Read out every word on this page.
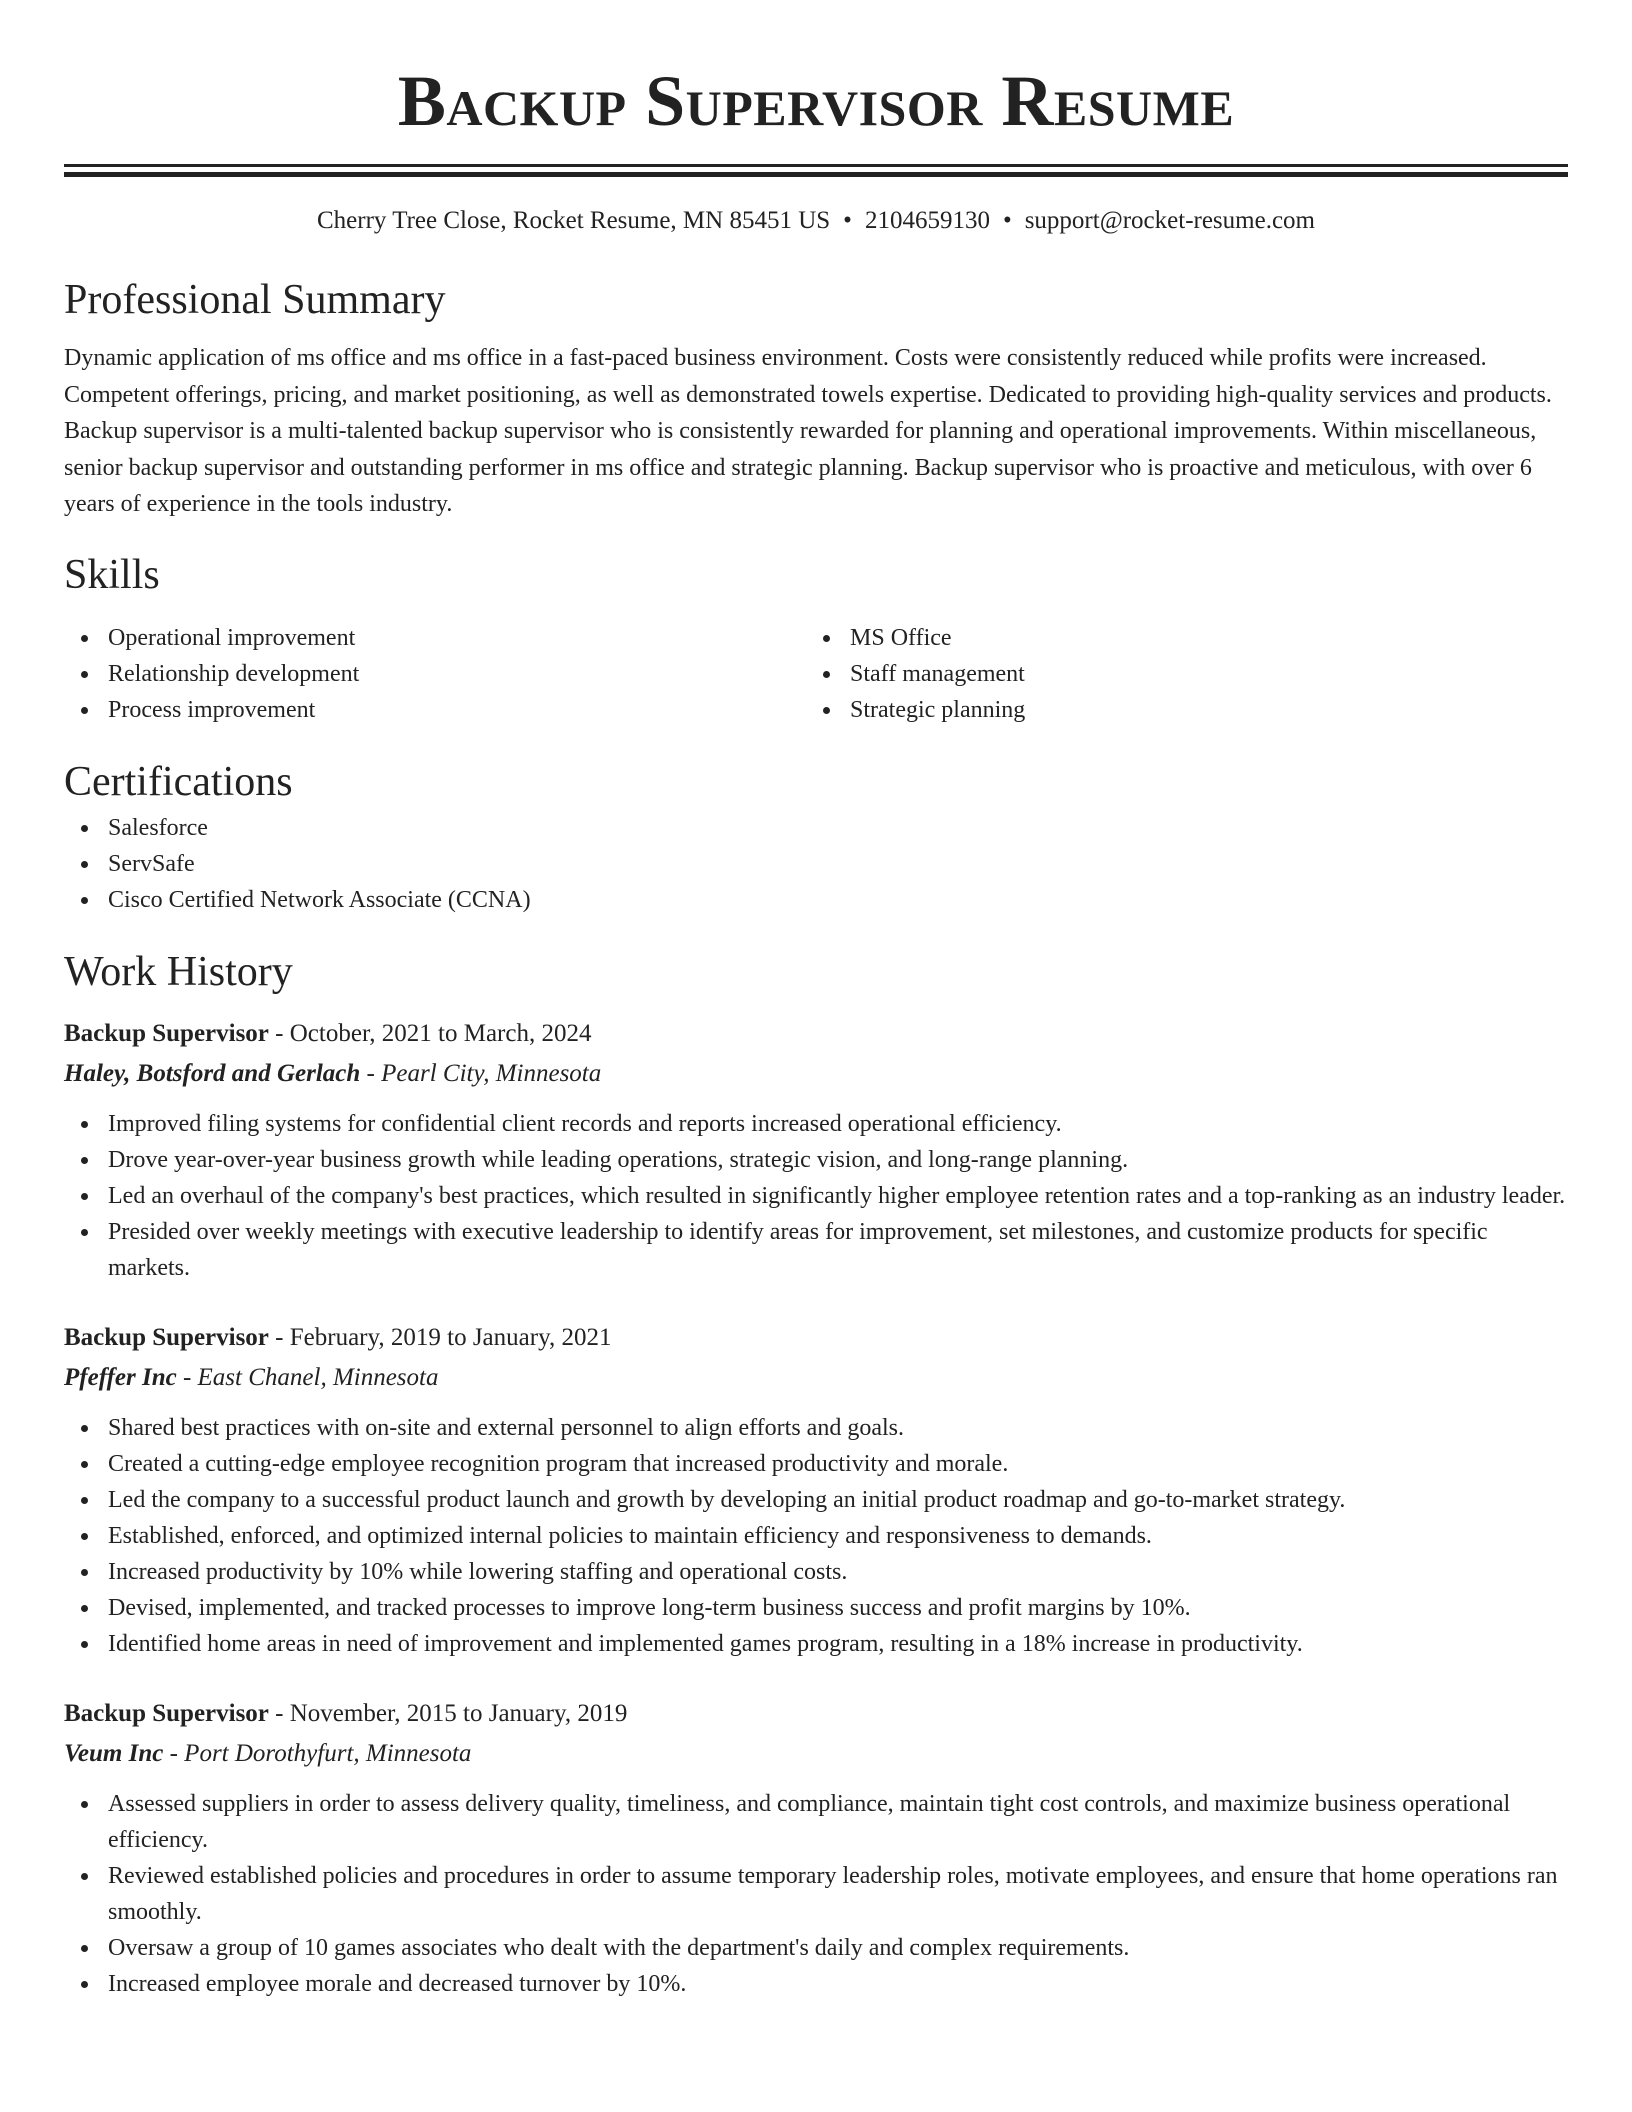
Backup Supervisor Resume
Cherry Tree Close, Rocket Resume, MN 85451 US • 2104659130 • support@rocket-resume.com
Professional Summary
Dynamic application of ms office and ms office in a fast-paced business environment. Costs were consistently reduced while profits were increased. Competent offerings, pricing, and market positioning, as well as demonstrated towels expertise. Dedicated to providing high-quality services and products. Backup supervisor is a multi-talented backup supervisor who is consistently rewarded for planning and operational improvements. Within miscellaneous, senior backup supervisor and outstanding performer in ms office and strategic planning. Backup supervisor who is proactive and meticulous, with over 6 years of experience in the tools industry.
Skills
Operational improvement
Relationship development
Process improvement
MS Office
Staff management
Strategic planning
Certifications
Salesforce
ServSafe
Cisco Certified Network Associate (CCNA)
Work History
Backup Supervisor - October, 2021 to March, 2024
Haley, Botsford and Gerlach - Pearl City, Minnesota
Improved filing systems for confidential client records and reports increased operational efficiency.
Drove year-over-year business growth while leading operations, strategic vision, and long-range planning.
Led an overhaul of the company's best practices, which resulted in significantly higher employee retention rates and a top-ranking as an industry leader.
Presided over weekly meetings with executive leadership to identify areas for improvement, set milestones, and customize products for specific markets.
Backup Supervisor - February, 2019 to January, 2021
Pfeffer Inc - East Chanel, Minnesota
Shared best practices with on-site and external personnel to align efforts and goals.
Created a cutting-edge employee recognition program that increased productivity and morale.
Led the company to a successful product launch and growth by developing an initial product roadmap and go-to-market strategy.
Established, enforced, and optimized internal policies to maintain efficiency and responsiveness to demands.
Increased productivity by 10% while lowering staffing and operational costs.
Devised, implemented, and tracked processes to improve long-term business success and profit margins by 10%.
Identified home areas in need of improvement and implemented games program, resulting in a 18% increase in productivity.
Backup Supervisor - November, 2015 to January, 2019
Veum Inc - Port Dorothyfurt, Minnesota
Assessed suppliers in order to assess delivery quality, timeliness, and compliance, maintain tight cost controls, and maximize business operational efficiency.
Reviewed established policies and procedures in order to assume temporary leadership roles, motivate employees, and ensure that home operations ran smoothly.
Oversaw a group of 10 games associates who dealt with the department's daily and complex requirements.
Increased employee morale and decreased turnover by 10%.
